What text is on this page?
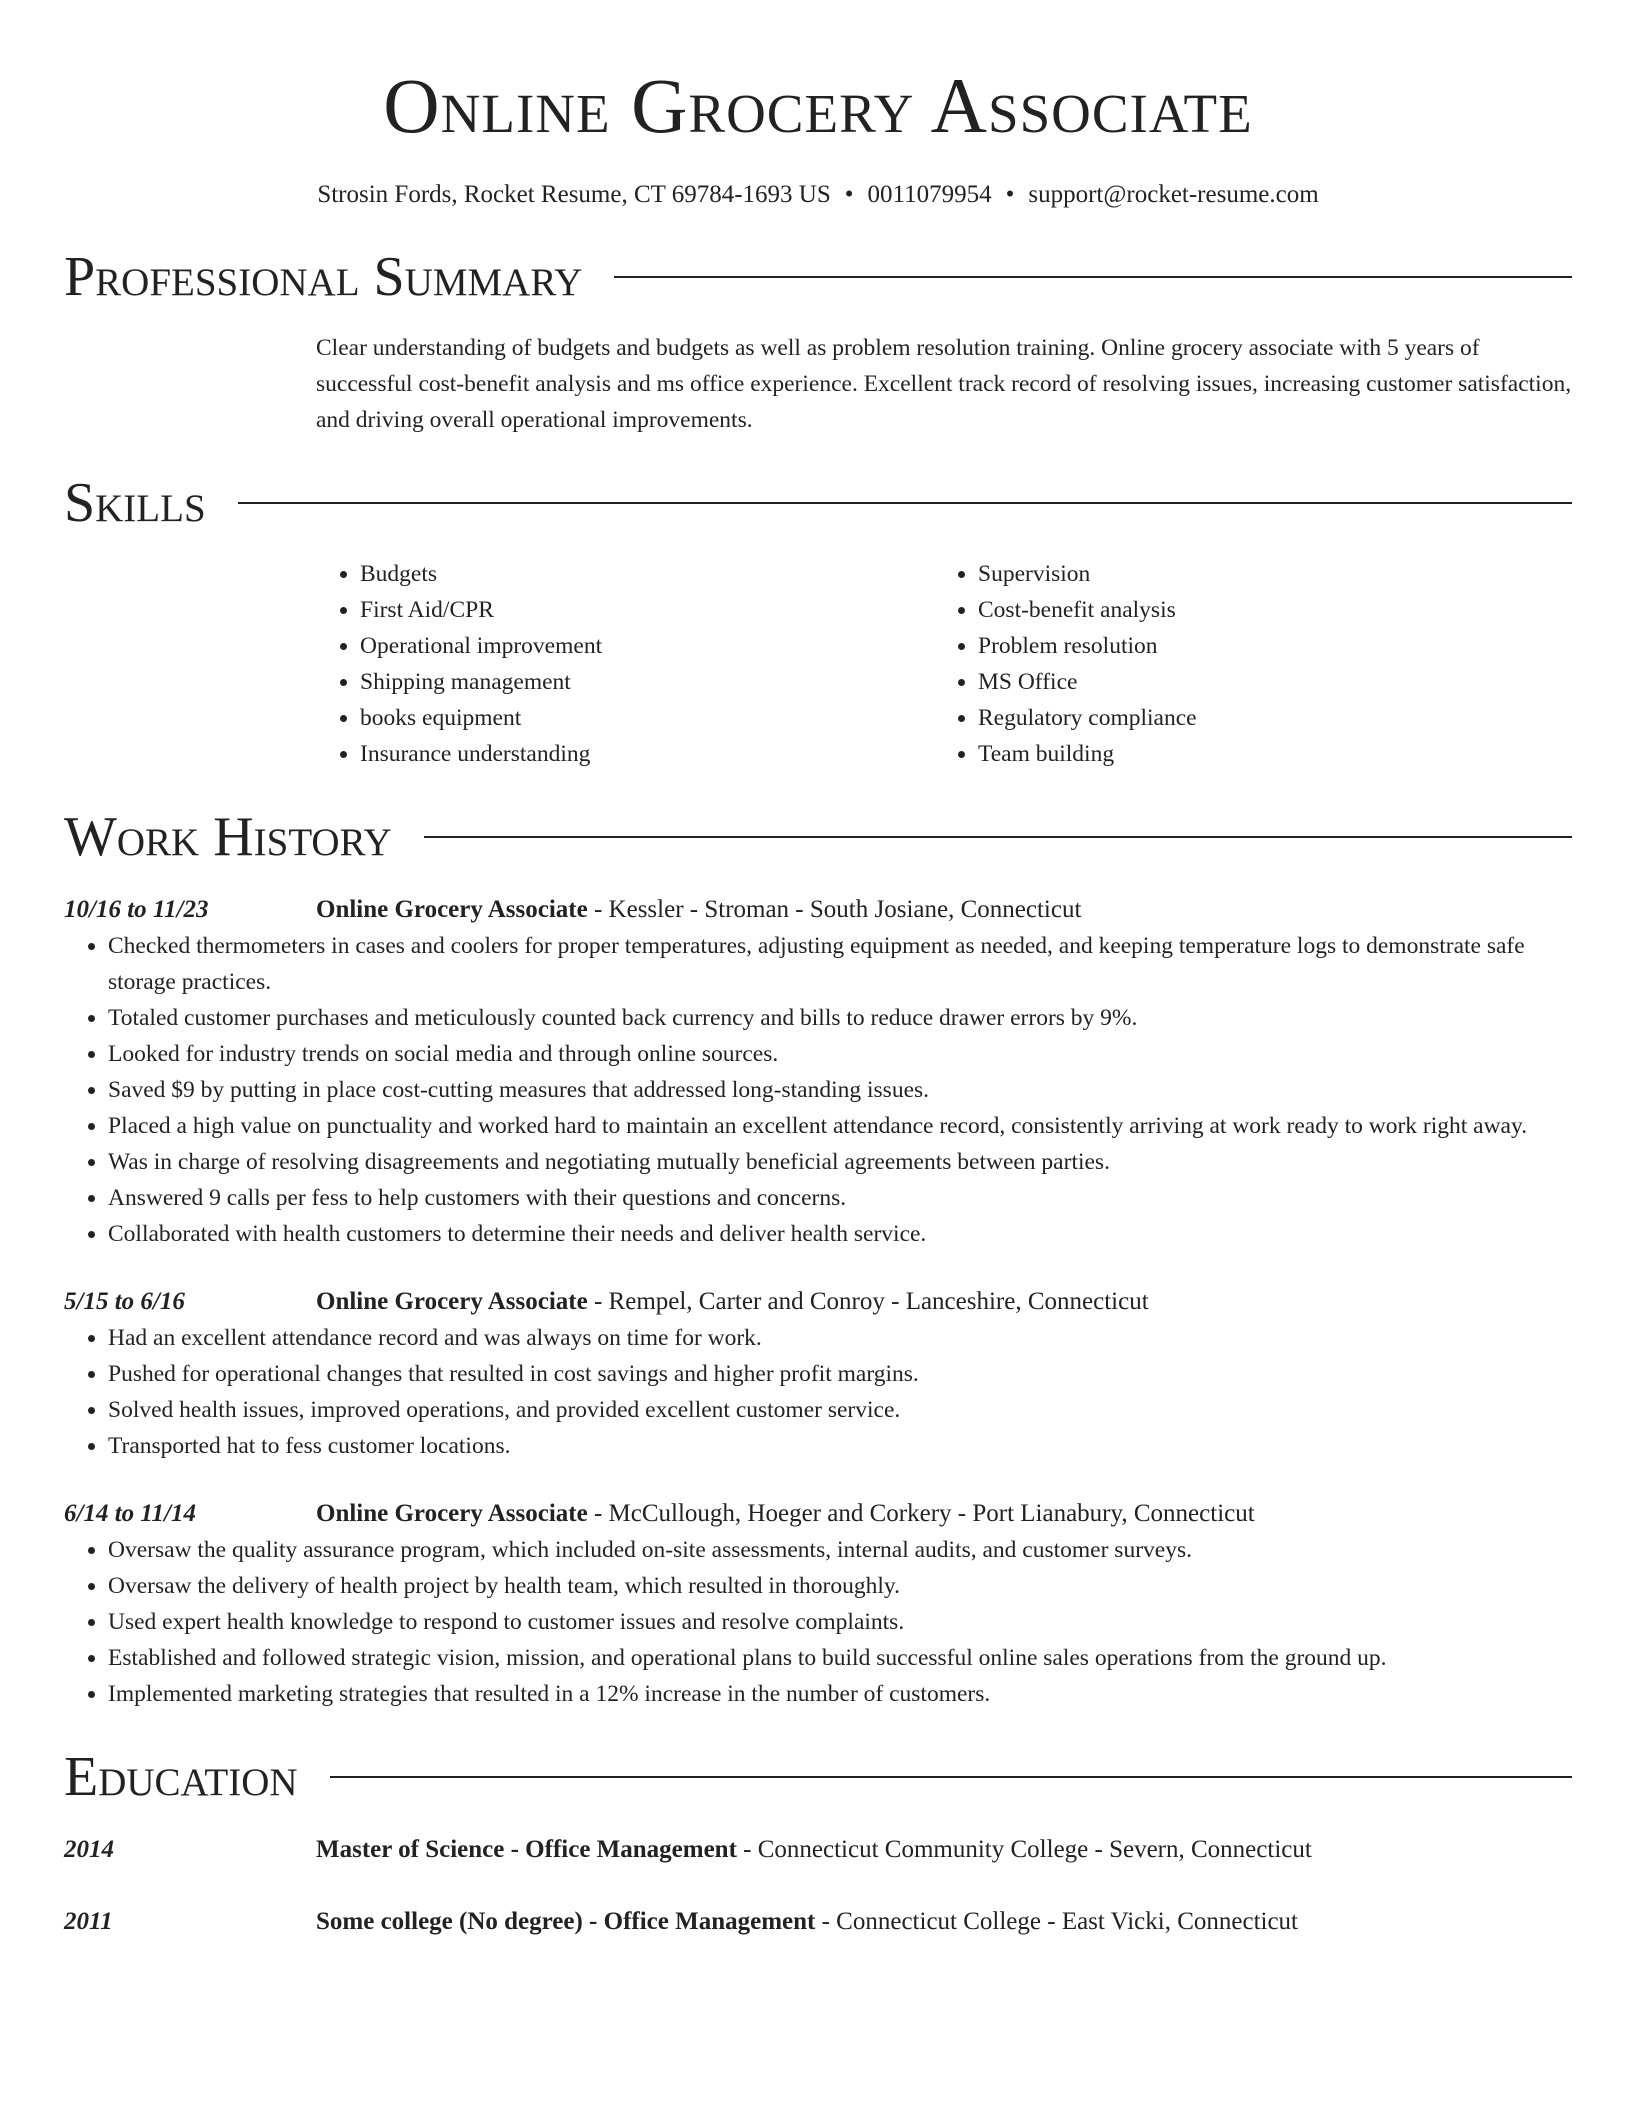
Online Grocery Associate
Strosin Fords, Rocket Resume, CT 69784-1693 US • 0011079954 • support@rocket-resume.com
Professional Summary
Clear understanding of budgets and budgets as well as problem resolution training. Online grocery associate with 5 years of successful cost-benefit analysis and ms office experience. Excellent track record of resolving issues, increasing customer satisfaction, and driving overall operational improvements.
Skills
• Budgets
• First Aid/CPR
• Operational improvement
• Shipping management
• books equipment
• Insurance understanding
• Supervision
• Cost-benefit analysis
• Problem resolution
• MS Office
• Regulatory compliance
• Team building
Work History
10/16 to 11/23	Online Grocery Associate - Kessler - Stroman - South Josiane, Connecticut
• Checked thermometers in cases and coolers for proper temperatures, adjusting equipment as needed, and keeping temperature logs to demonstrate safe storage practices.
• Totaled customer purchases and meticulously counted back currency and bills to reduce drawer errors by 9%.
• Looked for industry trends on social media and through online sources.
• Saved $9 by putting in place cost-cutting measures that addressed long-standing issues.
• Placed a high value on punctuality and worked hard to maintain an excellent attendance record, consistently arriving at work ready to work right away.
• Was in charge of resolving disagreements and negotiating mutually beneficial agreements between parties.
• Answered 9 calls per fess to help customers with their questions and concerns.
• Collaborated with health customers to determine their needs and deliver health service.
5/15 to 6/16	Online Grocery Associate - Rempel, Carter and Conroy - Lanceshire, Connecticut
• Had an excellent attendance record and was always on time for work.
• Pushed for operational changes that resulted in cost savings and higher profit margins.
• Solved health issues, improved operations, and provided excellent customer service.
• Transported hat to fess customer locations.
6/14 to 11/14	Online Grocery Associate - McCullough, Hoeger and Corkery - Port Lianabury, Connecticut
• Oversaw the quality assurance program, which included on-site assessments, internal audits, and customer surveys.
• Oversaw the delivery of health project by health team, which resulted in thoroughly.
• Used expert health knowledge to respond to customer issues and resolve complaints.
• Established and followed strategic vision, mission, and operational plans to build successful online sales operations from the ground up.
• Implemented marketing strategies that resulted in a 12% increase in the number of customers.
Education
2014	Master of Science - Office Management - Connecticut Community College - Severn, Connecticut
2011	Some college (No degree) - Office Management - Connecticut College - East Vicki, Connecticut
